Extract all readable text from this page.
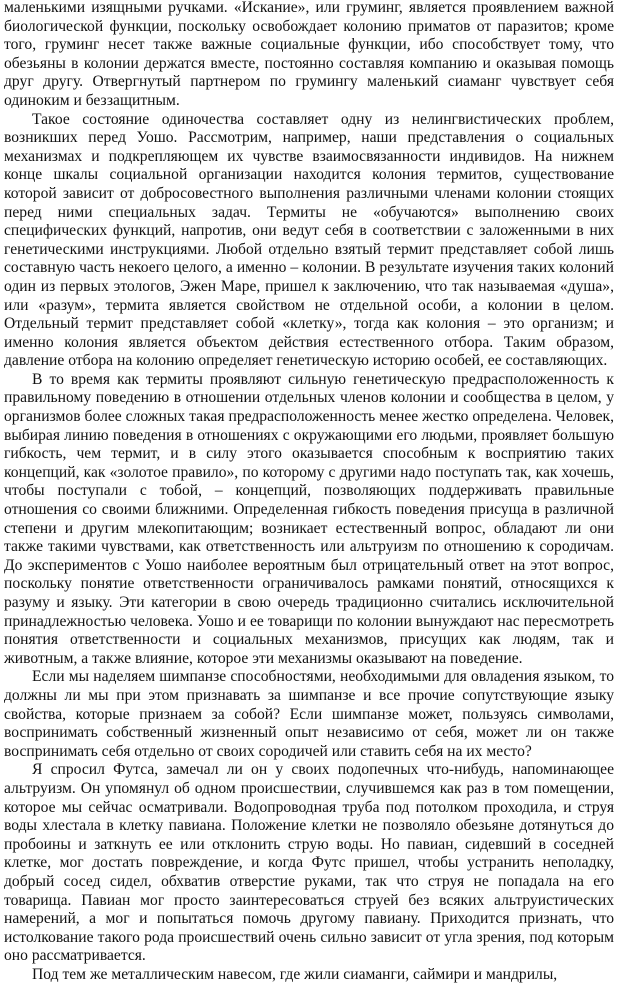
маленькими изящными ручками. «Искание», или груминг, является проявлением важной биологической функции, поскольку освобождает колонию приматов от паразитов; кроме того, груминг несет также важные социальные функции, ибо способствует тому, что обезьяны в колонии держатся вместе, постоянно составляя компанию и оказывая помощь друг другу. Отвергнутый партнером по грумингу маленький сиаманг чувствует себя одиноким и беззащитным.

Такое состояние одиночества составляет одну из нелингвистических проблем, возникших перед Уошо. Рассмотрим, например, наши представления о социальных механизмах и подкрепляющем их чувстве взаимосвязанности индивидов. На нижнем конце шкалы социальной организации находится колония термитов, существование которой зависит от добросовестного выполнения различными членами колонии стоящих перед ними специальных задач. Термиты не «обучаются» выполнению своих специфических функций, напротив, они ведут себя в соответствии с заложенными в них генетическими инструкциями. Любой отдельно взятый термит представляет собой лишь составную часть некоего целого, а именно – колонии. В результате изучения таких колоний один из первых этологов, Эжен Маре, пришел к заключению, что так называемая «душа», или «разум», термита является свойством не отдельной особи, а колонии в целом. Отдельный термит представляет собой «клетку», тогда как колония – это организм; и именно колония является объектом действия естественного отбора. Таким образом, давление отбора на колонию определяет генетическую историю особей, ее составляющих.

В то время как термиты проявляют сильную генетическую предрасположенность к правильному поведению в отношении отдельных членов колонии и сообщества в целом, у организмов более сложных такая предрасположенность менее жестко определена. Человек, выбирая линию поведения в отношениях с окружающими его людьми, проявляет большую гибкость, чем термит, и в силу этого оказывается способным к восприятию таких концепций, как «золотое правило», по которому с другими надо поступать так, как хочешь, чтобы поступали с тобой, – концепций, позволяющих поддерживать правильные отношения со своими ближними. Определенная гибкость поведения присуща в различной степени и другим млекопитающим; возникает естественный вопрос, обладают ли они также такими чувствами, как ответственность или альтруизм по отношению к сородичам. До экспериментов с Уошо наиболее вероятным был отрицательный ответ на этот вопрос, поскольку понятие ответственности ограничивалось рамками понятий, относящихся к разуму и языку. Эти категории в свою очередь традиционно считались исключительной принадлежностью человека. Уошо и ее товарищи по колонии вынуждают нас пересмотреть понятия ответственности и социальных механизмов, присущих как людям, так и животным, а также влияние, которое эти механизмы оказывают на поведение.

Если мы наделяем шимпанзе способностями, необходимыми для овладения языком, то должны ли мы при этом признавать за шимпанзе и все прочие сопутствующие языку свойства, которые признаем за собой? Если шимпанзе может, пользуясь символами, воспринимать собственный жизненный опыт независимо от себя, может ли он также воспринимать себя отдельно от своих сородичей или ставить себя на их место?

Я спросил Футса, замечал ли он у своих подопечных что-нибудь, напоминающее альтруизм. Он упомянул об одном происшествии, случившемся как раз в том помещении, которое мы сейчас осматривали. Водопроводная труба под потолком проходила, и струя воды хлестала в клетку павиана. Положение клетки не позволяло обезьяне дотянуться до пробоины и заткнуть ее или отклонить струю воды. Но павиан, сидевший в соседней клетке, мог достать повреждение, и когда Футс пришел, чтобы устранить неполадку, добрый сосед сидел, обхватив отверстие руками, так что струя не попадала на его товарища. Павиан мог просто заинтересоваться струей без всяких альтруистических намерений, а мог и попытаться помочь другому павиану. Приходится признать, что истолкование такого рода происшествий очень сильно зависит от угла зрения, под которым оно рассматривается.

Под тем же металлическим навесом, где жили сиаманги, саймири и мандрилы,
